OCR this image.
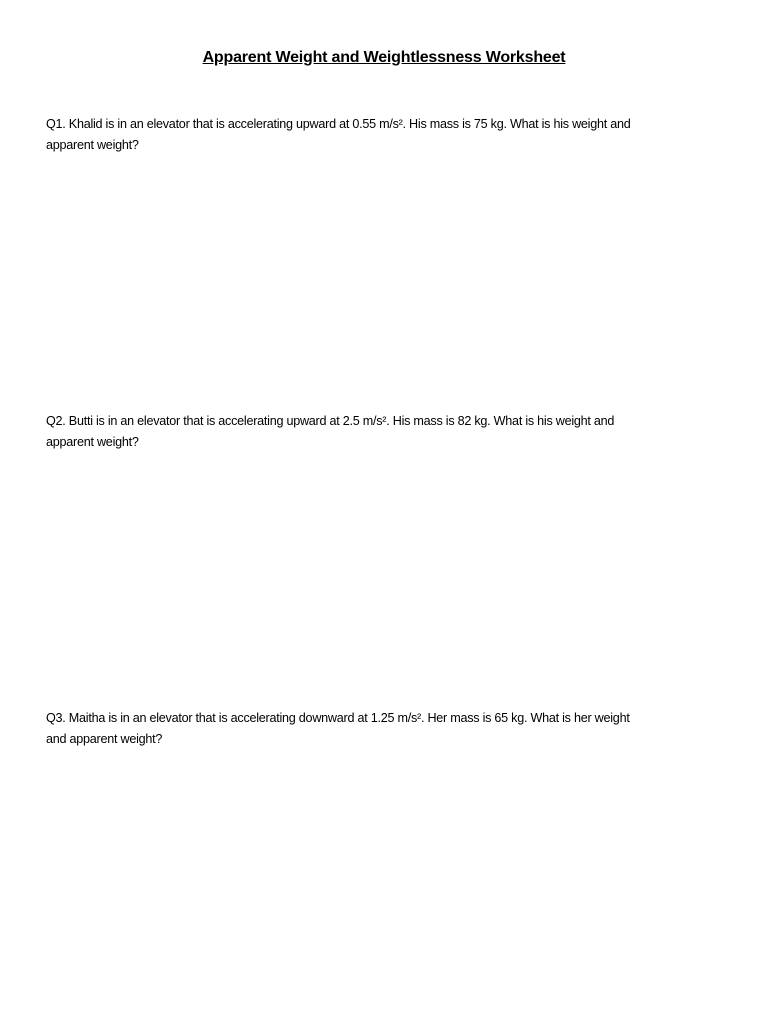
Apparent Weight and Weightlessness Worksheet
Q1. Khalid is in an elevator that is accelerating upward at 0.55 m/s². His mass is 75 kg. What is his weight and
apparent weight?
Q2. Butti is in an elevator that is accelerating upward at 2.5 m/s². His mass is 82 kg. What is his weight and
apparent weight?
Q3. Maitha is in an elevator that is accelerating downward at 1.25 m/s². Her mass is 65 kg. What is her weight
and apparent weight?
